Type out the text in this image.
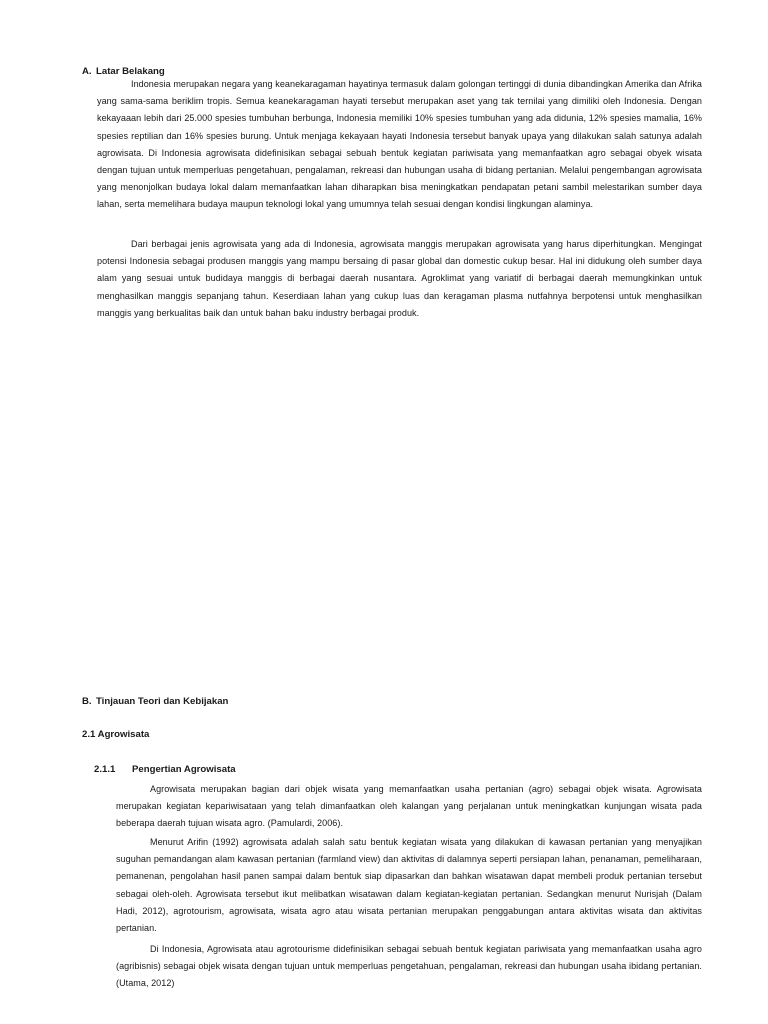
A. Latar Belakang

Indonesia merupakan negara yang keanekaragaman hayatinya termasuk dalam golongan tertinggi di dunia dibandingkan Amerika dan Afrika yang sama-sama beriklim tropis. Semua keanekaragaman hayati tersebut merupakan aset yang tak ternilai yang dimiliki oleh Indonesia. Dengan kekayaaan lebih dari 25.000 spesies tumbuhan berbunga, Indonesia memiliki 10% spesies tumbuhan yang ada didunia, 12% spesies mamalia, 16% spesies reptilian dan 16% spesies burung. Untuk menjaga kekayaan hayati Indonesia tersebut banyak upaya yang dilakukan salah satunya adalah agrowisata. Di Indonesia agrowisata didefinisikan sebagai sebuah bentuk kegiatan pariwisata yang memanfaatkan agro sebagai obyek wisata dengan tujuan untuk memperluas pengetahuan, pengalaman, rekreasi dan hubungan usaha di bidang pertanian. Melalui pengembangan agrowisata yang menonjolkan budaya lokal dalam memanfaatkan lahan diharapkan bisa meningkatkan pendapatan petani sambil melestarikan sumber daya lahan, serta memelihara budaya maupun teknologi lokal yang umumnya telah sesuai dengan kondisi lingkungan alaminya.

Dari berbagai jenis agrowisata yang ada di Indonesia, agrowisata manggis merupakan agrowisata yang harus diperhitungkan. Mengingat potensi Indonesia sebagai produsen manggis yang mampu bersaing di pasar global dan domestic cukup besar. Hal ini didukung oleh sumber daya alam yang sesuai untuk budidaya manggis di berbagai daerah nusantara. Agroklimat yang variatif di berbagai daerah memungkinkan untuk menghasilkan manggis sepanjang tahun. Keserdiaan lahan yang cukup luas dan keragaman plasma nutfahnya berpotensi untuk menghasilkan manggis yang berkualitas baik dan untuk bahan baku industry berbagai produk.

B. Tinjauan Teori dan Kebijakan
2.1 Agrowisata
2.1.1 Pengertian Agrowisata

Agrowisata merupakan bagian dari objek wisata yang memanfaatkan usaha pertanian (agro) sebagai objek wisata. Agrowisata merupakan kegiatan kepariwisataan yang telah dimanfaatkan oleh kalangan yang perjalanan untuk meningkatkan kunjungan wisata pada beberapa daerah tujuan wisata agro. (Pamulardi, 2006).

Menurut Arifin (1992) agrowisata adalah salah satu bentuk kegiatan wisata yang dilakukan di kawasan pertanian yang menyajikan suguhan pemandangan alam kawasan pertanian (farmland view) dan aktivitas di dalamnya seperti persiapan lahan, penanaman, pemeliharaan, pemanenan, pengolahan hasil panen sampai dalam bentuk siap dipasarkan dan bahkan wisatawan dapat membeli produk pertanian tersebut sebagai oleh-oleh. Agrowisata tersebut ikut melibatkan wisatawan dalam kegiatan-kegiatan pertanian. Sedangkan menurut Nurisjah (Dalam Hadi, 2012), agrotourism, agrowisata, wisata agro atau wisata pertanian merupakan penggabungan antara aktivitas wisata dan aktivitas pertanian.

Di Indonesia, Agrowisata atau agrotourisme didefinisikan sebagai sebuah bentuk kegiatan pariwisata yang memanfaatkan usaha agro (agribisnis) sebagai objek wisata dengan tujuan untuk memperluas pengetahuan, pengalaman, rekreasi dan hubungan usaha ibidang pertanian. (Utama, 2012)
